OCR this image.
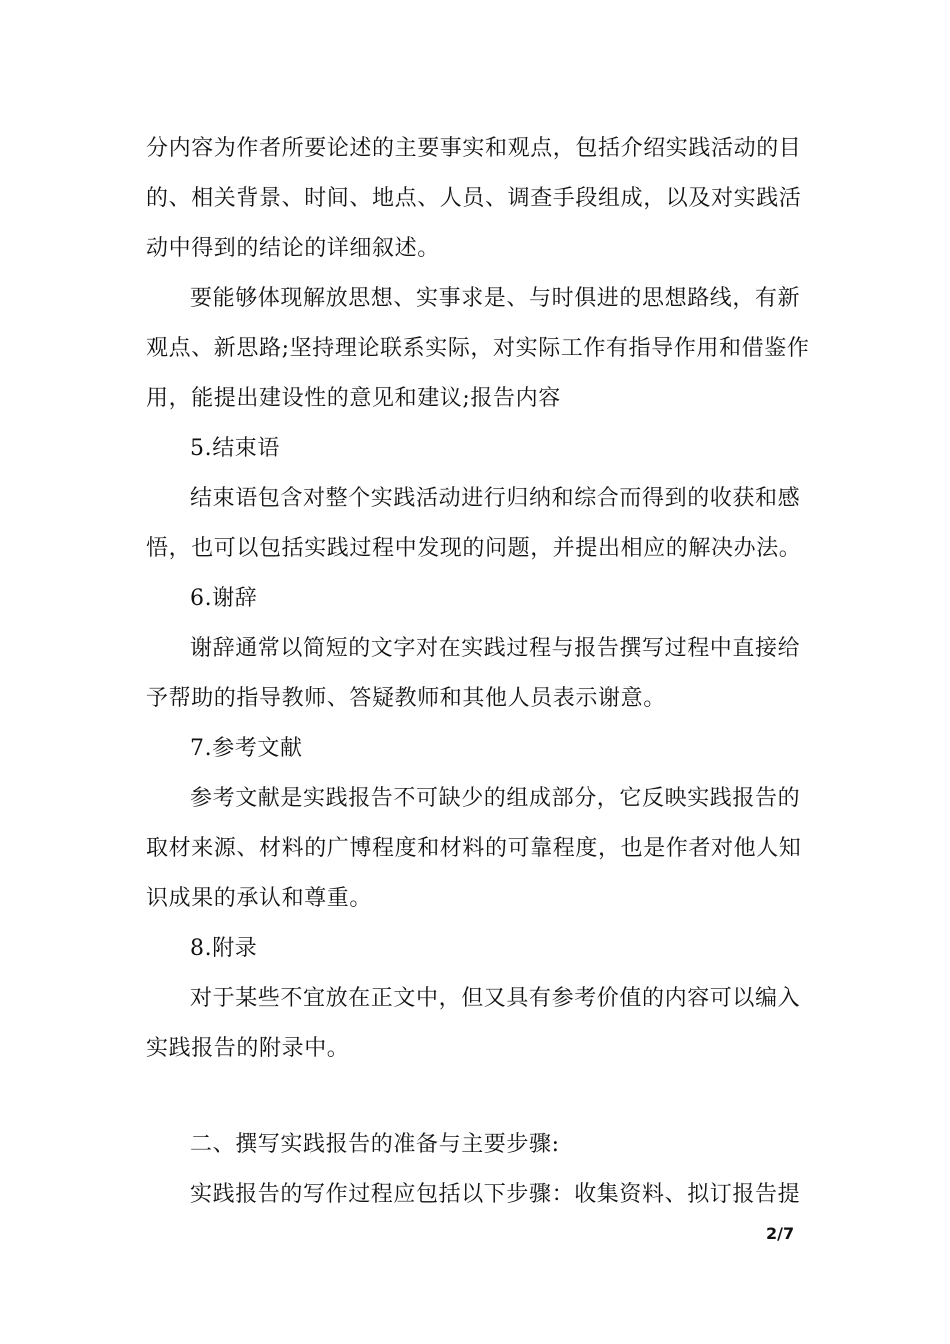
分内容为作者所要论述的主要事实和观点，包括介绍实践活动的目
的、相关背景、时间、地点、人员、调查手段组成，以及对实践活
动中得到的结论的详细叙述。
要能够体现解放思想、实事求是、与时俱进的思想路线，有新
观点、新思路;坚持理论联系实际，对实际工作有指导作用和借鉴作
用，能提出建设性的意见和建议;报告内容
5.结束语
结束语包含对整个实践活动进行归纳和综合而得到的收获和感
悟，也可以包括实践过程中发现的问题，并提出相应的解决办法。
6.谢辞
谢辞通常以简短的文字对在实践过程与报告撰写过程中直接给
予帮助的指导教师、答疑教师和其他人员表示谢意。
7.参考文献
参考文献是实践报告不可缺少的组成部分，它反映实践报告的
取材来源、材料的广博程度和材料的可靠程度，也是作者对他人知
识成果的承认和尊重。
8.附录
对于某些不宜放在正文中，但又具有参考价值的内容可以编入
实践报告的附录中。
二、撰写实践报告的准备与主要步骤:
实践报告的写作过程应包括以下步骤：收集资料、拟订报告提
2/7
